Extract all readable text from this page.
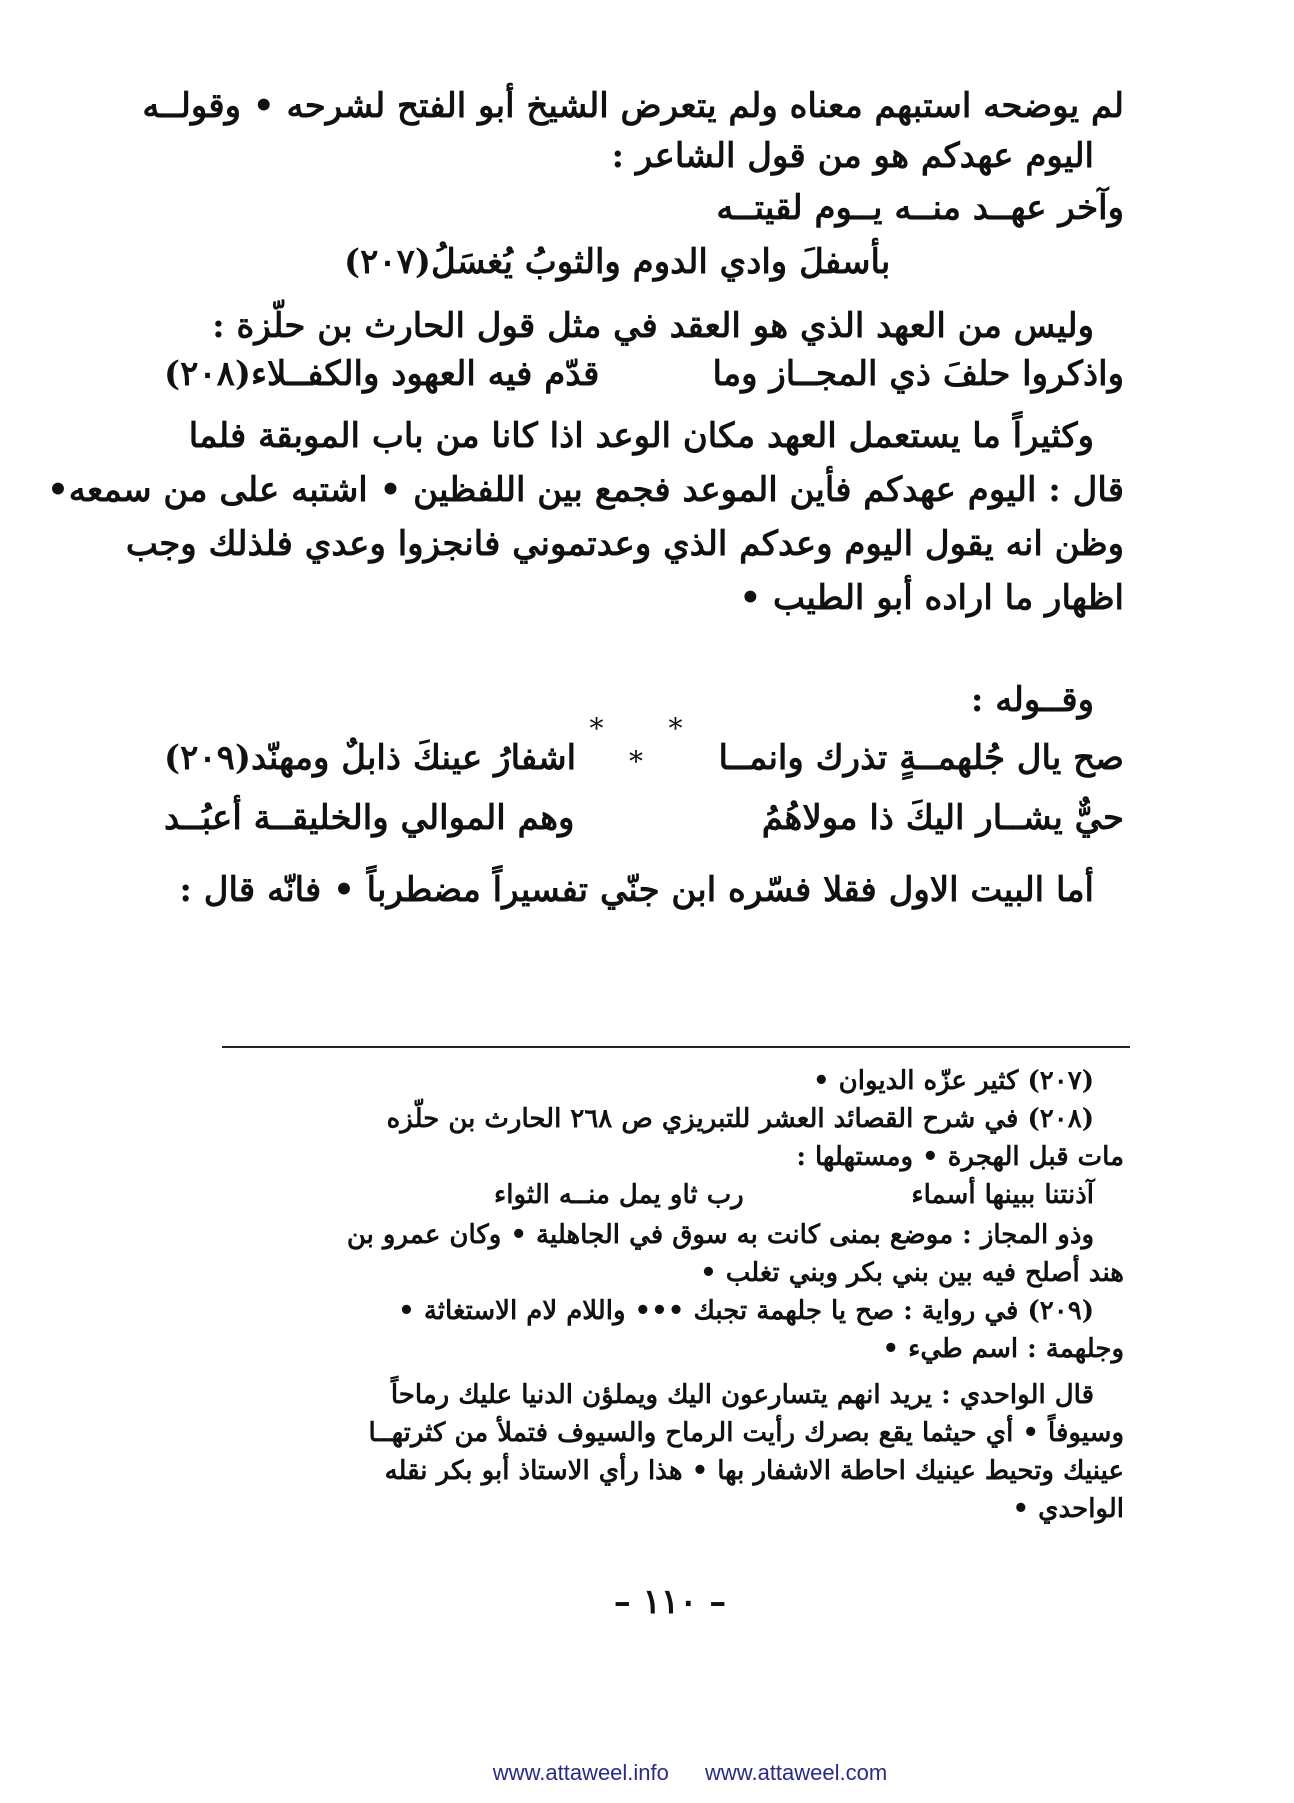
لم يوضحه استبهم معناه ولم يتعرض الشيخ أبو الفتح لشرحه • وقولــه
اليوم عهدكم هو من قول الشاعر :
وآخر عهــد منــه يــوم لقيتــه
بأسفلَ وادي الدوم والثوبُ يُغسَلُ(٢٠٧)
وليس من العهد الذي هو العقد في مثل قول الحارث بن حلّزة :
واذكروا حلفَ ذي المجــاز وما
قدّم فيه العهود والكفــلاء(٢٠٨)
وكثيراً ما يستعمل العهد مكان الوعد اذا كانا من باب الموبقة فلما
قال : اليوم عهدكم فأين الموعد فجمع بين اللفظين • اشتبه على من سمعه•
وظن انه يقول اليوم وعدكم الذي وعدتموني فانجزوا وعدي فلذلك وجب
اظهار ما اراده أبو الطيب •
* * *
وقــوله :
صح يال جُلهمــةٍ تذرك وانمــا
اشفارُ عينكَ ذابلٌ ومهنّد(٢٠٩)
حيٌّ يشــار اليكَ ذا مولاهُمُ
وهم الموالي والخليقــة أعبُــد
أما البيت الاول فقلا فسّره ابن جنّي تفسيراً مضطرباً • فانّه قال :
(٢٠٧) كثير عزّه الديوان •
(٢٠٨) في شرح القصائد العشر للتبريزي ص ٢٦٨ الحارث بن حلّزه
مات قبل الهجرة • ومستهلها :
آذنتنا ببينها أسماء
رب ثاو يمل منــه الثواء
وذو المجاز : موضع بمنى كانت به سوق في الجاهلية • وكان عمرو بن
هند أصلح فيه بين بني بكر وبني تغلب •
(٢٠٩) في رواية : صح يا جلهمة تجبك ••• واللام لام الاستغاثة •
وجلهمة : اسم طيء •
قال الواحدي : يريد انهم يتسارعون اليك ويملؤن الدنيا عليك رماحاً
وسيوفاً • أي حيثما يقع بصرك رأيت الرماح والسيوف فتملأ من كثرتهــا
عينيك وتحيط عينيك احاطة الاشفار بها • هذا رأي الاستاذ أبو بكر نقله
الواحدي •
– ١١٠ –
www.attaweel.info www.attaweel.com
